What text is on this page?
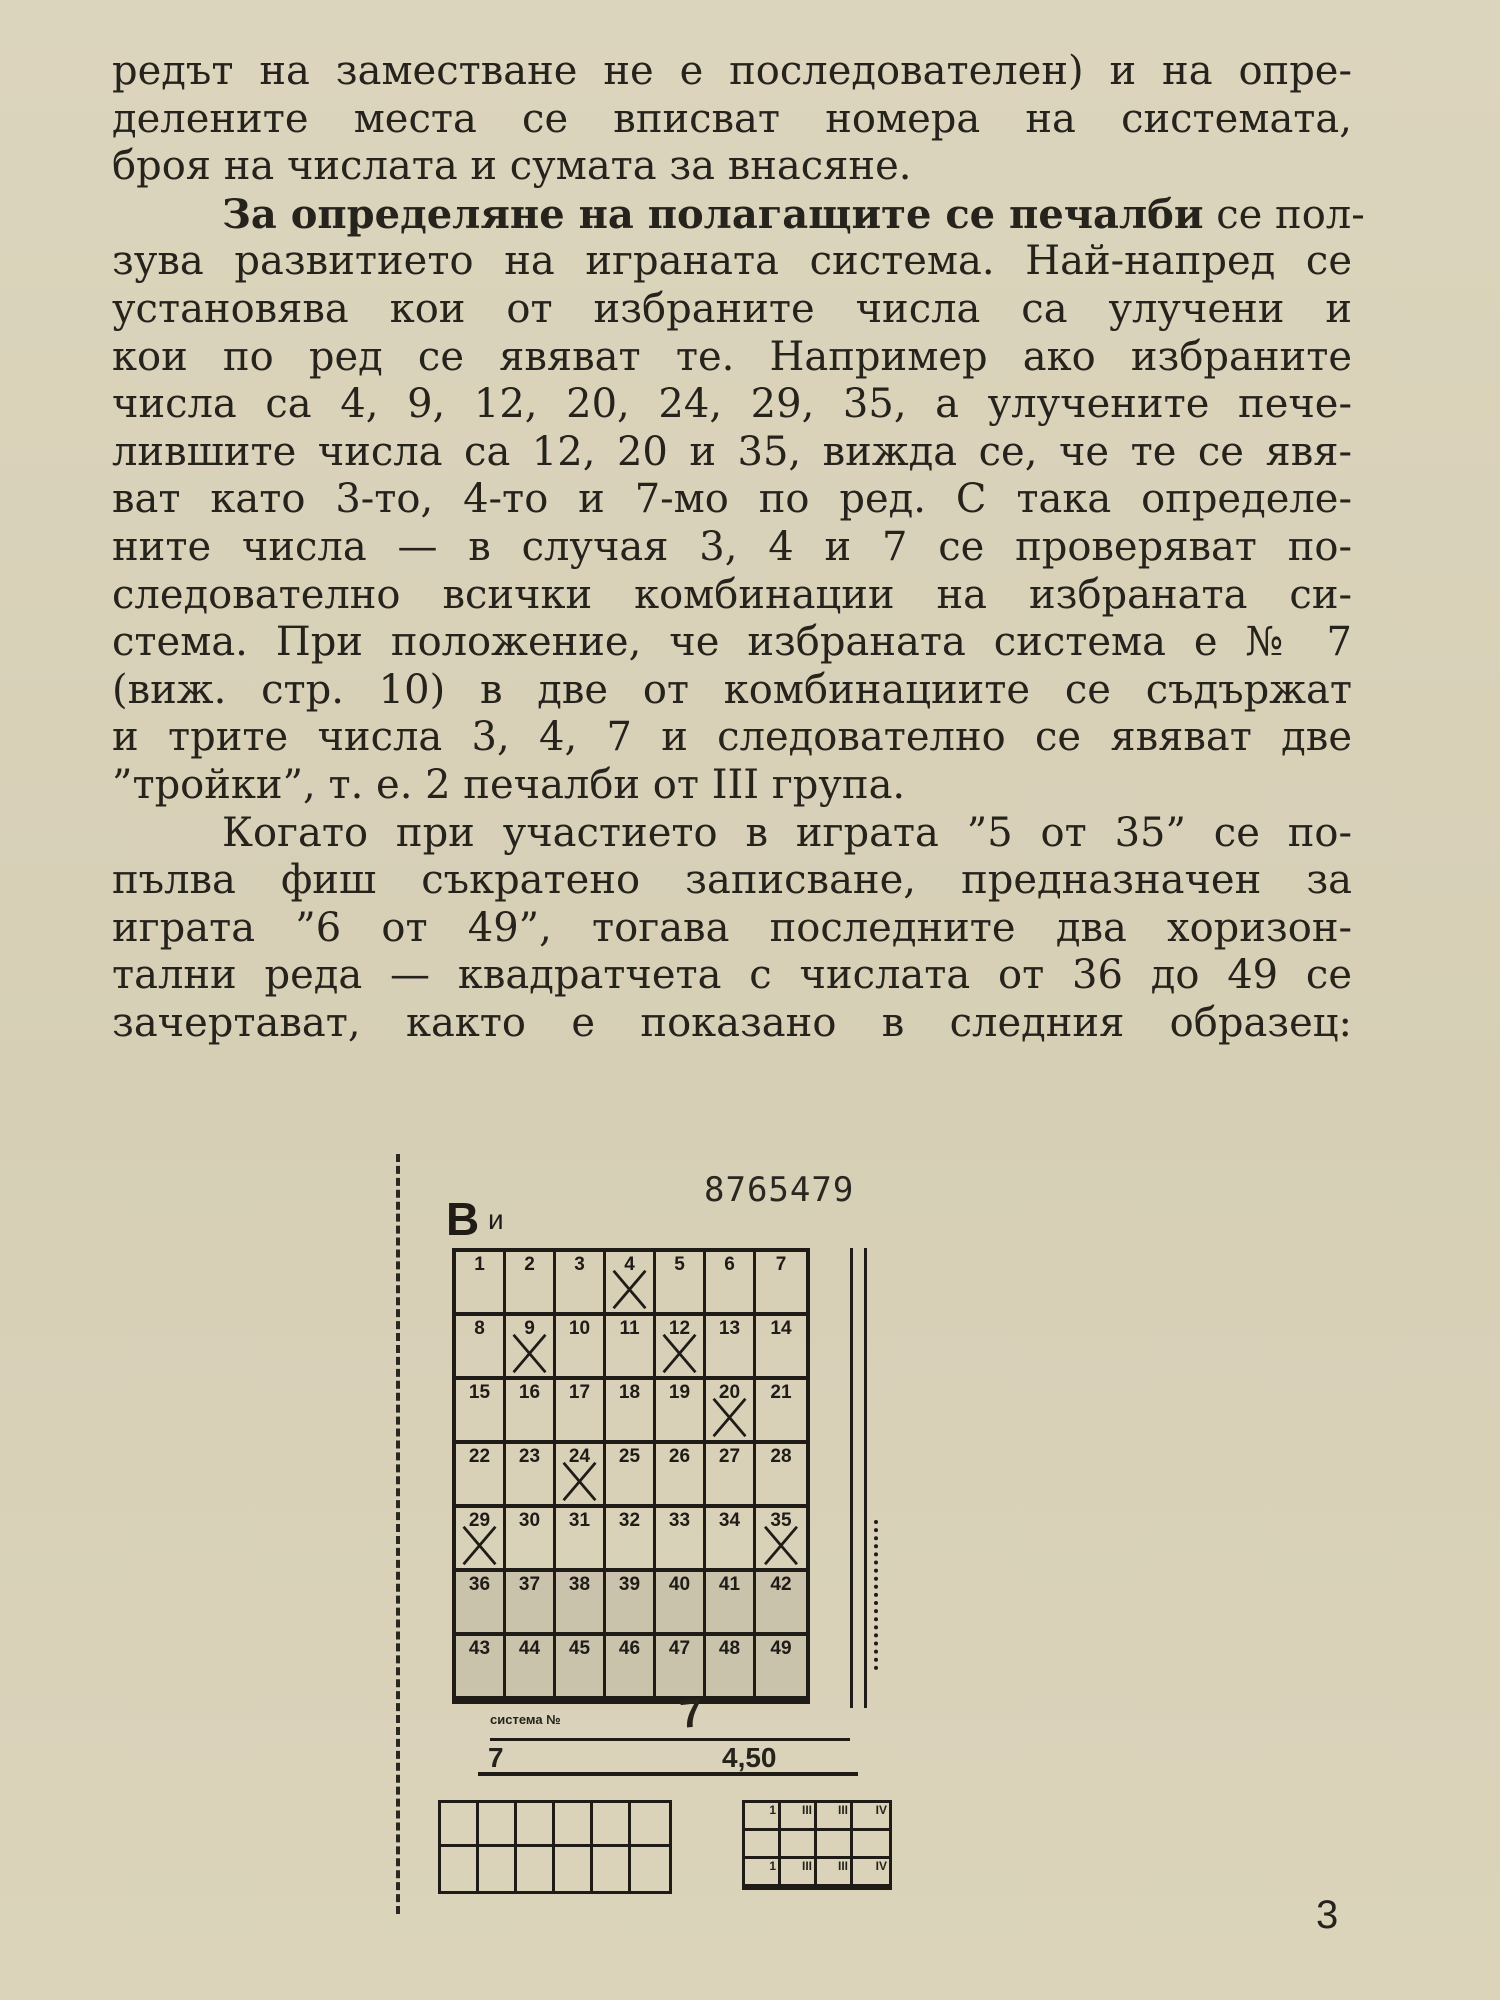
редът на заместване не е последователен) и на опре-
делените места се вписват номера на системата,
броя на числата и сумата за внасяне.
За определяне на полагащите се печалби се пол-
зува развитието на играната система. Най-напред се
установява кои от избраните числа са улучени и
кои по ред се явяват те. Например ако избраните
числа са 4, 9, 12, 20, 24, 29, 35, а улучените пече-
лившите числа са 12, 20 и 35, вижда се, че те се явя-
ват като 3-то, 4-то и 7-мо по ред. С така определе-
ните числа — в случая 3, 4 и 7 се проверяват по-
следователно всички комбинации на избраната си-
стема. При положение, че избраната система е № 7
(виж. стр. 10) в две от комбинациите се съдържат
и трите числа 3, 4, 7 и следователно се явяват две
”тройки”, т. е. 2 печалби от III група.
Когато при участието в играта ”5 от 35” се по-
пълва фиш съкратено записване, предназначен за
играта ”6 от 49”, тогава последните два хоризон-
тални реда — квадратчета с числата от 36 до 49 се
зачертават, както е показано в следния образец:
8765479
В и
1	2	3	4	5	6	7
8	9	10	11	12	13	14
15	16	17	18	19	20	21
22	23	24	25	26	27	28
29	30	31	32	33	34	35
36	37	38	39	40	41	42
43	44	45	46	47	48	49
7
система №
7	4,50
1	III	III	IV
1	III	III	IV
3
